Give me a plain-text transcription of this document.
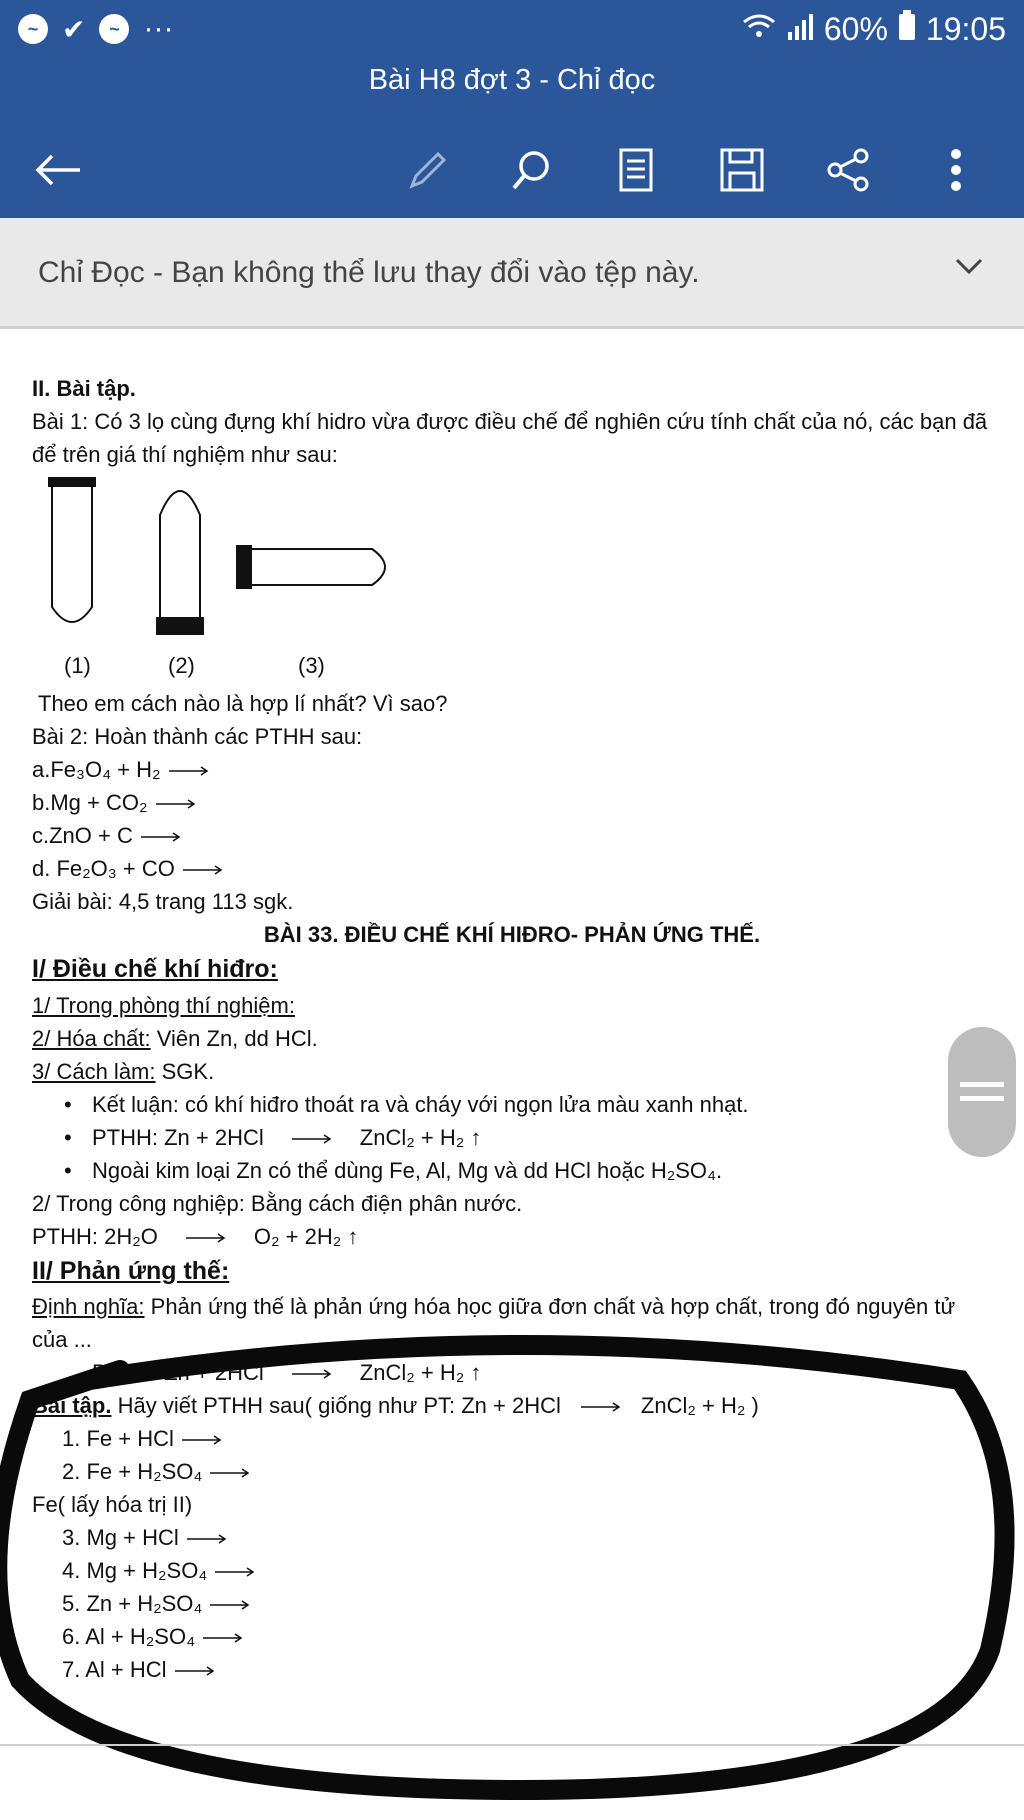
~ ✔	~ ···	60% 19:05
Bài H8 đợt 3 - Chỉ đọc
Chỉ Đọc - Bạn không thể lưu thay đổi vào tệp này.

II. Bài tập.

Bài 1: Có 3 lọ cùng đựng khí hidro vừa được điều chế để nghiên cứu tính chất của nó, các bạn đã để trên giá thí nghiệm như sau:

(1)	(2)	(3)

Theo em cách nào là hợp lí nhất? Vì sao?

Bài 2: Hoàn thành các PTHH sau:

a.Fe₃O₄ + H₂

b.Mg + CO₂

c.ZnO + C

d. Fe₂O₃ + CO

Giải bài: 4,5 trang 113 sgk.

BÀI 33. ĐIỀU CHẾ KHÍ HIĐRO- PHẢN ỨNG THẾ.

I/ Điều chế khí hiđro:

1/ Trong phòng thí nghiệm:

2/ Hóa chất: Viên Zn, dd HCl.

3/ Cách làm: SGK.

• Kết luận: có khí hiđro thoát ra và cháy với ngọn lửa màu xanh nhạt.

• PTHH: Zn + 2HCl	ZnCl₂ + H₂ ↑

• Ngoài kim loại Zn có thể dùng Fe, Al, Mg và dd HCl hoặc H₂SO₄.

2/ Trong công nghiệp: Bằng cách điện phân nước.

PTHH: 2H₂O	O₂ + 2H₂ ↑

II/ Phản ứng thế:

Định nghĩa: Phản ứng thế là phản ứng hóa học giữa đơn chất và hợp chất, trong đó nguyên tử của ...

PTHH: Zn + 2HCl	ZnCl₂ + H₂ ↑

Bài tập. Hãy viết PTHH sau( giống như PT: Zn + 2HCl	ZnCl₂ + H₂ )

1. Fe + HCl

2. Fe + H₂SO₄

Fe( lấy hóa trị II)

3. Mg + HCl

4. Mg + H₂SO₄

5. Zn + H₂SO₄

6. Al + H₂SO₄

7. Al + HCl
